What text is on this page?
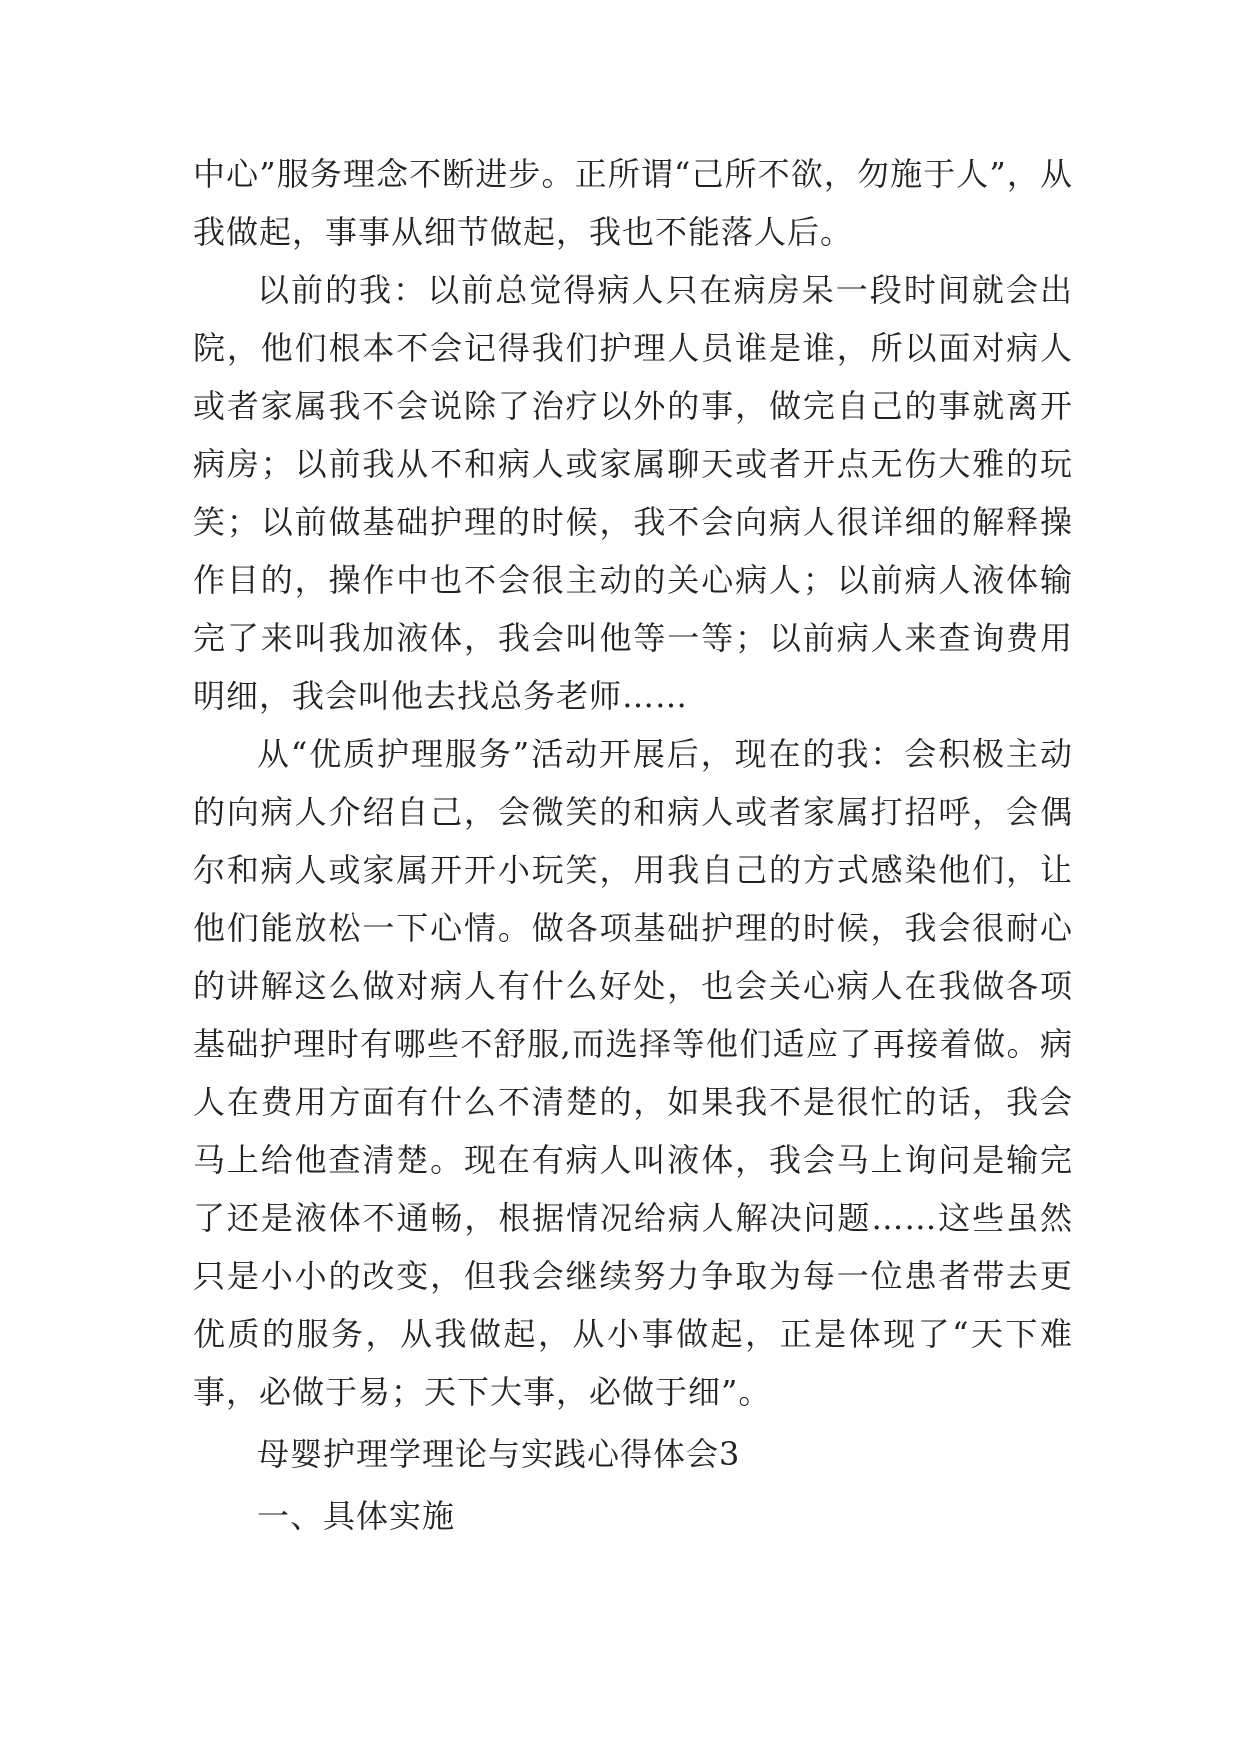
中心”服务理念不断进步。正所谓“己所不欲，勿施于人”，从我做起，事事从细节做起，我也不能落人后。

以前的我：以前总觉得病人只在病房呆一段时间就会出院，他们根本不会记得我们护理人员谁是谁，所以面对病人或者家属我不会说除了治疗以外的事，做完自己的事就离开病房；以前我从不和病人或家属聊天或者开点无伤大雅的玩笑；以前做基础护理的时候，我不会向病人很详细的解释操作目的，操作中也不会很主动的关心病人；以前病人液体输完了来叫我加液体，我会叫他等一等；以前病人来查询费用明细，我会叫他去找总务老师……

从“优质护理服务”活动开展后，现在的我：会积极主动的向病人介绍自己，会微笑的和病人或者家属打招呼，会偶尔和病人或家属开开小玩笑，用我自己的方式感染他们，让他们能放松一下心情。做各项基础护理的时候，我会很耐心的讲解这么做对病人有什么好处，也会关心病人在我做各项基础护理时有哪些不舒服,而选择等他们适应了再接着做。病人在费用方面有什么不清楚的，如果我不是很忙的话，我会马上给他查清楚。现在有病人叫液体，我会马上询问是输完了还是液体不通畅，根据情况给病人解决问题……这些虽然只是小小的改变，但我会继续努力争取为每一位患者带去更优质的服务，从我做起，从小事做起，正是体现了“天下难事，必做于易；天下大事，必做于细”。

母婴护理学理论与实践心得体会3

一、具体实施
